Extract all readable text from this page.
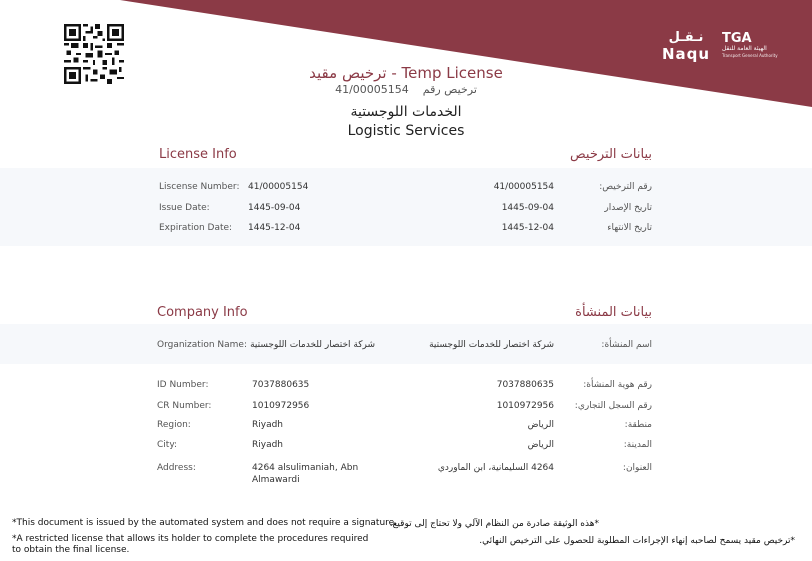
نـقـل
Naqu
TGA
الهيئة العامة للنقل
Transport General Authority
ترخيص مقيد - Temp License
41/00005154 ترخيص رقم
الخدمات اللوجستية
Logistic Services
License Info	بيانات الترخيص
Liscense Number: 41/00005154	41/00005154	رقم الترخيص:
Issue Date:	1445-09-04	1445-09-04	تاريخ الإصدار
Expiration Date: 1445-12-04	1445-12-04	تاريخ الانتهاء
Company Info	بيانات المنشأة
Organization Name: شركة اختصار للخدمات اللوجستية	شركة اختصار للخدمات اللوجستية	اسم المنشأة:
ID Number:	7037880635	7037880635	رقم هوية المنشأة:
CR Number:	1010972956	1010972956 رقم السجل التجاري:
Region:	Riyadh	الرياض	منطقة:
City:	Riyadh	الرياض	المدينة:
Address:	4264 alsulimaniah, Abn
Almawardi
4264 السليمانية، ابن الماوردي	العنوان:
*This document is issued by the automated system and does not require a signature.
*هذه الوثيقة صادرة من النظام الآلي ولا تحتاج إلى توقيع.
*A restricted license that allows its holder to complete the procedures required
to obtain the final license.
*ترخيص مقيد يسمح لصاحبه إنهاء الإجراءات المطلوبة للحصول على الترخيص النهائي.
